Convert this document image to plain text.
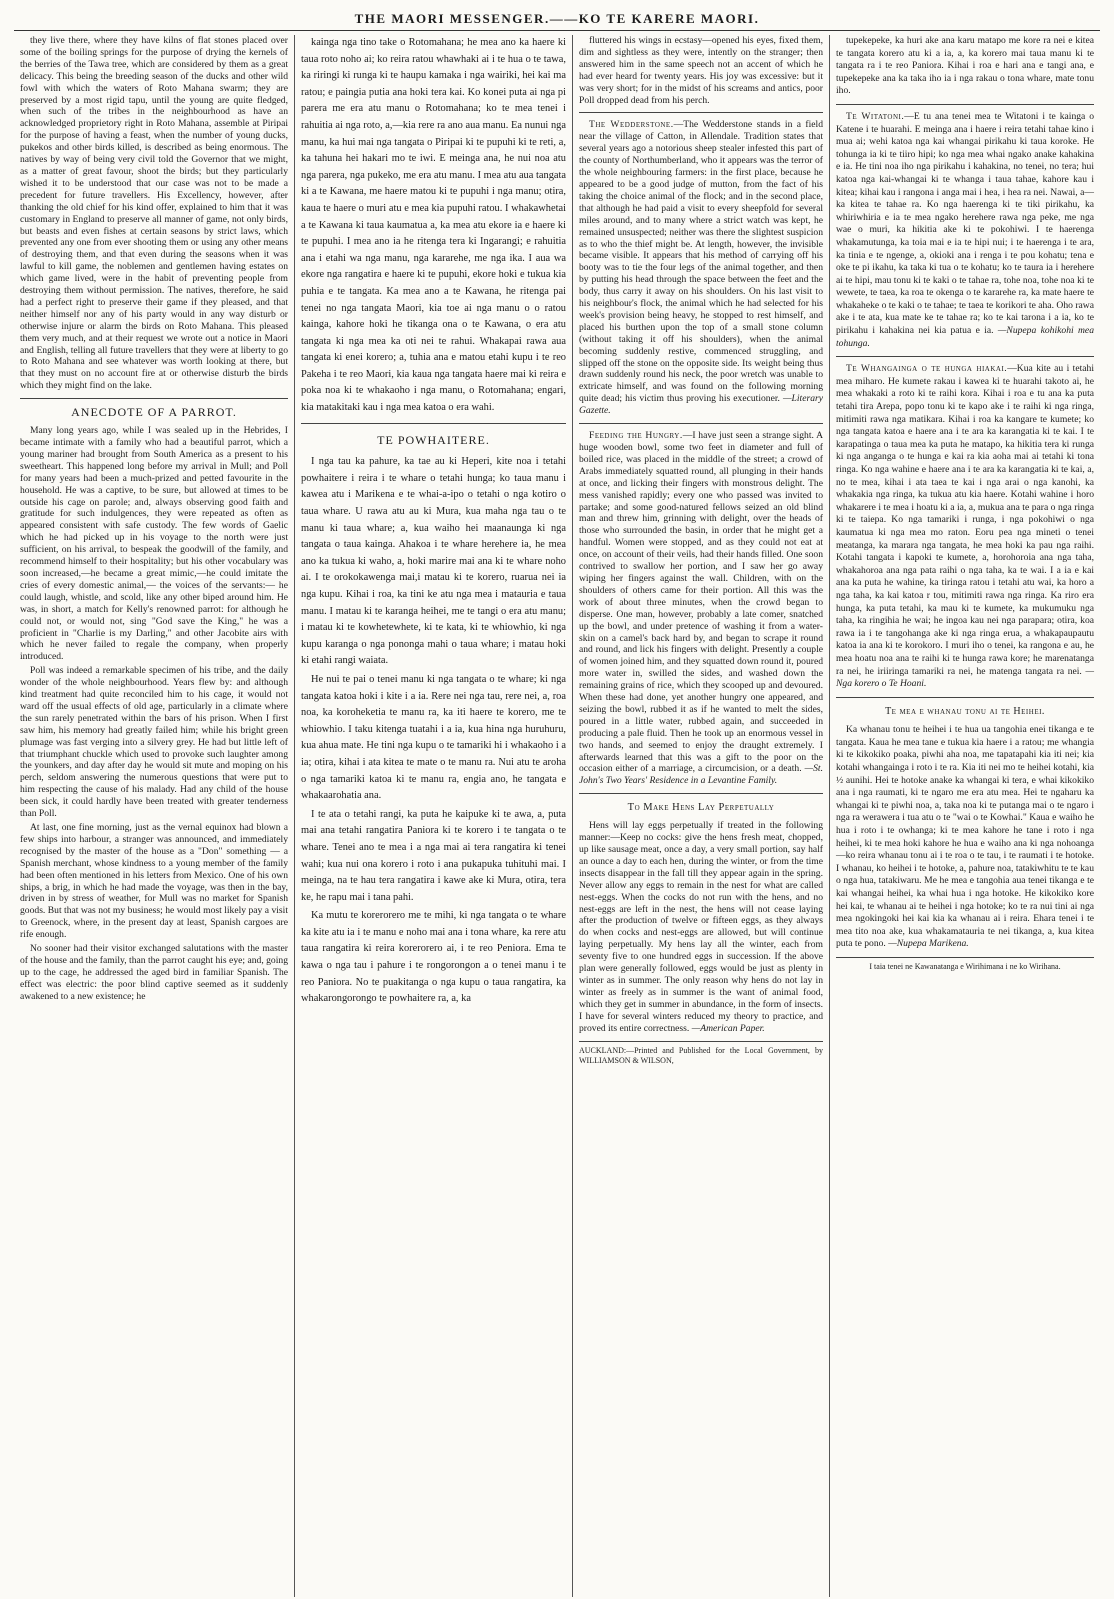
THE MAORI MESSENGER.——KO TE KARERE MAORI.

they live there, where they have kilns of flat stones placed over some of the boiling springs for the purpose of drying the kernels of the berries of the Tawa tree, which are considered by them as a great delicacy. This being the breeding season of the ducks and other wild fowl with which the waters of Roto Mahana swarm; they are preserved by a most rigid tapu, until the young are quite fledged, when such of the tribes in the neighbourhood as have an acknowledged proprietory right in Roto Mahana, assemble at Piripai for the purpose of having a feast, when the number of young ducks, pukekos and other birds killed, is described as being enormous. The natives by way of being very civil told the Governor that we might, as a matter of great favour, shoot the birds; but they particularly wished it to be understood that our case was not to be made a precedent for future travellers. His Excellency, however, after thanking the old chief for his kind offer, explained to him that it was customary in England to preserve all manner of game, not only birds, but beasts and even fishes at certain seasons by strict laws, which prevented any one from ever shooting them or using any other means of destroying them, and that even during the seasons when it was lawful to kill game, the noblemen and gentlemen having estates on which game lived, were in the habit of preventing people from destroying them without permission. The natives, therefore, he said had a perfect right to preserve their game if they pleased, and that neither himself nor any of his party would in any way disturb or otherwise injure or alarm the birds on Roto Mahana. This pleased them very much, and at their request we wrote out a notice in Maori and English, telling all future travellers that they were at liberty to go to Roto Mahana and see whatever was worth looking at there, but that they must on no account fire at or otherwise disturb the birds which they might find on the lake.

ANECDOTE OF A PARROT.

Many long years ago, while I was sealed up in the Hebrides, I became intimate with a family who had a beautiful parrot, which a young mariner had brought from South America as a present to his sweetheart. This happened long before my arrival in Mull; and Poll for many years had been a much-prized and petted favourite in the household. He was a captive, to be sure, but allowed at times to be outside his cage on parole; and, always observing good faith and gratitude for such indulgences, they were repeated as often as appeared consistent with safe custody. The few words of Gaelic which he had picked up in his voyage to the north were just sufficient, on his arrival, to bespeak the goodwill of the family, and recommend himself to their hospitality; but his other vocabulary was soon increased,—he became a great mimic,—he could imitate the cries of every domestic animal,— the voices of the servants:— he could laugh, whistle, and scold, like any other biped around him. He was, in short, a match for Kelly's renowned parrot: for although he could not, or would not, sing "God save the King," he was a proficient in "Charlie is my Darling," and other Jacobite airs with which he never failed to regale the company, when properly introduced.

Poll was indeed a remarkable specimen of his tribe, and the daily wonder of the whole neighbourhood. Years flew by: and although kind treatment had quite reconciled him to his cage, it would not ward off the usual effects of old age, particularly in a climate where the sun rarely penetrated within the bars of his prison. When I first saw him, his memory had greatly failed him; while his bright green plumage was fast verging into a silvery grey. He had but little left of that triumphant chuckle which used to provoke such laughter among the younkers, and day after day he would sit mute and moping on his perch, seldom answering the numerous questions that were put to him respecting the cause of his malady. Had any child of the house been sick, it could hardly have been treated with greater tenderness than Poll.

At last, one fine morning, just as the vernal equinox had blown a few ships into harbour, a stranger was announced, and immediately recognised by the master of the house as a "Don" something — a Spanish merchant, whose kindness to a young member of the family had been often mentioned in his letters from Mexico. One of his own ships, a brig, in which he had made the voyage, was then in the bay, driven in by stress of weather, for Mull was no market for Spanish goods. But that was not my business; he would most likely pay a visit to Greenock, where, in the present day at least, Spanish cargoes are rife enough.

No sooner had their visitor exchanged salutations with the master of the house and the family, than the parrot caught his eye; and, going up to the cage, he addressed the aged bird in familiar Spanish. The effect was electric: the poor blind captive seemed as it suddenly awakened to a new existence; he

kainga nga tino take o Rotomahana; he mea ano ka haere ki taua roto noho ai; ko reira ratou whawhaki ai i te hua o te tawa, ka riringi ki runga ki te haupu kamaka i nga wairiki, hei kai ma ratou; e paingia putia ana hoki tera kai. Ko konei puta ai nga pi parera me era atu manu o Rotomahana; ko te mea tenei i rahuitia ai nga roto, a,—kia rere ra ano aua manu. Ea nunui nga manu, ka hui mai nga tangata o Piripai ki te pupuhi ki te reti, a, ka tahuna hei hakari mo te iwi. E meinga ana, he nui noa atu nga parera, nga pukeko, me era atu manu. I mea atu aua tangata ki a te Kawana, me haere matou ki te pupuhi i nga manu; otira, kaua te haere o muri atu e mea kia pupuhi ratou. I whakawhetai a te Kawana ki taua kaumatua a, ka mea atu ekore ia e haere ki te pupuhi. I mea ano ia he ritenga tera ki Ingarangi; e rahuitia ana i etahi wa nga manu, nga kararehe, me nga ika. I aua wa ekore nga rangatira e haere ki te pupuhi, ekore hoki e tukua kia puhia e te tangata. Ka mea ano a te Kawana, he ritenga pai tenei no nga tangata Maori, kia toe ai nga manu o o ratou kainga, kahore hoki he tikanga ona o te Kawana, o era atu tangata ki nga mea ka oti nei te rahui. Whakapai rawa aua tangata ki enei korero; a, tuhia ana e matou etahi kupu i te reo Pakeha i te reo Maori, kia kaua nga tangata haere mai ki reira e poka noa ki te whakaoho i nga manu, o Rotomahana; engari, kia matakitaki kau i nga mea katoa o era wahi.

TE POWHAITERE.

I nga tau ka pahure, ka tae au ki Heperi, kite noa i tetahi powhaitere i reira i te whare o tetahi hunga; ko taua manu i kawea atu i Marikena e te whai-a-ipo o tetahi o nga kotiro o taua whare. U rawa atu au ki Mura, kua maha nga tau o te manu ki taua whare; a, kua waiho hei maanaunga ki nga tangata o taua kainga. Ahakoa i te whare herehere ia, he mea ano ka tukua ki waho, a, hoki marire mai ana ki te whare noho ai. I te orokokawenga mai,i matau ki te korero, ruarua nei ia nga kupu. Kihai i roa, ka tini ke atu nga mea i matauria e taua manu. I matau ki te karanga heihei, me te tangi o era atu manu; i matau ki te kowhetewhete, ki te kata, ki te whiowhio, ki nga kupu karanga o nga pononga mahi o taua whare; i matau hoki ki etahi rangi waiata.

He nui te pai o tenei manu ki nga tangata o te whare; ki nga tangata katoa hoki i kite i a ia. Rere nei nga tau, rere nei, a, roa noa, ka koroheketia te manu ra, ka iti haere te korero, me te whiowhio. I taku kitenga tuatahi i a ia, kua hina nga huruhuru, kua ahua mate. He tini nga kupu o te tamariki hi i whakaoho i a ia; otira, kihai i ata kitea te mate o te manu ra. Nui atu te aroha o nga tamariki katoa ki te manu ra, engia ano, he tangata e whakaarohatia ana.

I te ata o tetahi rangi, ka puta he kaipuke ki te awa, a, puta mai ana tetahi rangatira Paniora ki te korero i te tangata o te whare. Tenei ano te mea i a nga mai ai tera rangatira ki tenei wahi; kua nui ona korero i roto i ana pukapuka tuhituhi mai. I meinga, na te hau tera rangatira i kawe ake ki Mura, otira, tera ke, he rapu mai i tana pahi.

Ka mutu te korerorero me te mihi, ki nga tangata o te whare ka kite atu ia i te manu e noho mai ana i tona whare, ka rere atu taua rangatira ki reira korerorero ai, i te reo Peniora. Ema te kawa o nga tau i pahure i te rongorongon a o tenei manu i te reo Paniora. No te puakitanga o nga kupu o taua rangatira, ka whakarongorongo te powhaitere ra, a, ka

fluttered his wings in ecstasy—opened his eyes, fixed them, dim and sightless as they were, intently on the stranger; then answered him in the same speech not an accent of which he had ever heard for twenty years. His joy was excessive: but it was very short; for in the midst of his screams and antics, poor Poll dropped dead from his perch.

The Wedderstone.—The Wedderstone stands in a field near the village of Catton, in Allendale. Tradition states that several years ago a notorious sheep stealer infested this part of the county of Northumberland, who it appears was the terror of the whole neighbouring farmers: in the first place, because he appeared to be a good judge of mutton, from the fact of his taking the choice animal of the flock; and in the second place, that although he had paid a visit to every sheepfold for several miles around, and to many where a strict watch was kept, he remained unsuspected; neither was there the slightest suspicion as to who the thief might be. At length, however, the invisible became visible. It appears that his method of carrying off his booty was to tie the four legs of the animal together, and then by putting his head through the space between the feet and the body, thus carry it away on his shoulders. On his last visit to his neighbour's flock, the animal which he had selected for his week's provision being heavy, he stopped to rest himself, and placed his burthen upon the top of a small stone column (without taking it off his shoulders), when the animal becoming suddenly restive, commenced struggling, and slipped off the stone on the opposite side. Its weight being thus drawn suddenly round his neck, the poor wretch was unable to extricate himself, and was found on the following morning quite dead; his victim thus proving his executioner. —Literary Gazette.

Feeding the Hungry.—I have just seen a strange sight. A huge wooden bowl, some two feet in diameter and full of boiled rice, was placed in the middle of the street; a crowd of Arabs immediately squatted round, all plunging in their hands at once, and licking their fingers with monstrous delight. The mess vanished rapidly; every one who passed was invited to partake; and some good-natured fellows seized an old blind man and threw him, grinning with delight, over the heads of those who surrounded the basin, in order that he might get a handful. Women were stopped, and as they could not eat at once, on account of their veils, had their hands filled. One soon contrived to swallow her portion, and I saw her go away wiping her fingers against the wall. Children, with on the shoulders of others came for their portion. All this was the work of about three minutes, when the crowd began to disperse. One man, however, probably a late comer, snatched up the bowl, and under pretence of washing it from a water-skin on a camel's back hard by, and began to scrape it round and round, and lick his fingers with delight. Presently a couple of women joined him, and they squatted down round it, poured more water in, swilled the sides, and washed down the remaining grains of rice, which they scooped up and devoured. When these had done, yet another hungry one appeared, and seizing the bowl, rubbed it as if he wanted to melt the sides, poured in a little water, rubbed again, and succeeded in producing a pale fluid. Then he took up an enormous vessel in two hands, and seemed to enjoy the draught extremely. I afterwards learned that this was a gift to the poor on the occasion either of a marriage, a circumcision, or a death. —St. John's Two Years' Residence in a Levantine Family.

To Make Hens Lay Perpetually

Hens will lay eggs perpetually if treated in the following manner:—Keep no cocks: give the hens fresh meat, chopped, up like sausage meat, once a day, a very small portion, say half an ounce a day to each hen, during the winter, or from the time insects disappear in the fall till they appear again in the spring. Never allow any eggs to remain in the nest for what are called nest-eggs. When the cocks do not run with the hens, and no nest-eggs are left in the nest, the hens will not cease laying after the production of twelve or fifteen eggs, as they always do when cocks and nest-eggs are allowed, but will continue laying perpetually. My hens lay all the winter, each from seventy five to one hundred eggs in succession. If the above plan were generally followed, eggs would be just as plenty in winter as in summer. The only reason why hens do not lay in winter as freely as in summer is the want of animal food, which they get in summer in abundance, in the form of insects. I have for several winters reduced my theory to practice, and proved its entire correctness. —American Paper.

AUCKLAND:—Printed and Published for the Local Government, by WILLIAMSON & WILSON,

tupekepeke, ka huri ake ana karu matapo me kore ra nei e kitea te tangata korero atu ki a ia, a, ka korero mai taua manu ki te tangata ra i te reo Paniora. Kihai i roa e hari ana e tangi ana, e tupekepeke ana ka taka iho ia i nga rakau o tona whare, mate tonu iho.

Te Witatoni.—E tu ana tenei mea te Witatoni i te kainga o Katene i te huarahi. E meinga ana i haere i reira tetahi tahae kino i mua ai; wehi katoa nga kai whangai pirikahu ki taua koroke. He tohunga ia ki te tiiro hipi; ko nga mea whai ngako anake kahakina e ia. He tini noa iho nga pirikahu i kahakina, no tenei, no tera; hui katoa nga kai-whangai ki te whanga i taua tahae, kahore kau i kitea; kihai kau i rangona i anga mai i hea, i hea ra nei. Nawai, a—ka kitea te tahae ra. Ko nga haerenga ki te tiki pirikahu, ka whiriwhiria e ia te mea ngako herehere rawa nga peke, me nga wae o muri, ka hikitia ake ki te pokohiwi. I te haerenga whakamutunga, ka toia mai e ia te hipi nui; i te haerenga i te ara, ka tinia e te ngenge, a, okioki ana i renga i te pou kohatu; tena e oke te pi ikahu, ka taka ki tua o te kohatu; ko te taura ia i herehere ai te hipi, mau tonu ki te kaki o te tahae ra, tohe noa, tohe noa ki te wewete, te taea, ka roa te okenga o te kararehe ra, ka mate haere te whakaheke o te kaki o te tahae; te taea te korikori te aha. Oho rawa ake i te ata, kua mate ke te tahae ra; ko te kai tarona i a ia, ko te pirikahu i kahakina nei kia patua e ia. —Nupepa kohikohi mea tohunga.

Te Whangainga o te hunga hiakai.—Kua kite au i tetahi mea miharo. He kumete rakau i kawea ki te huarahi takoto ai, he mea whakaki a roto ki te raihi kora. Kihai i roa e tu ana ka puta tetahi tira Arepa, popo tonu ki te kapo ake i te raihi ki nga ringa, mitimiti rawa nga matikara. Kihai i roa ka kangare te kumete; ko nga tangata katoa e haere ana i te ara ka karangatia ki te kai. I te karapatinga o taua mea ka puta he matapo, ka hikitia tera ki runga ki nga anganga o te hunga e kai ra kia aoha mai ai tetahi ki tona ringa. Ko nga wahine e haere ana i te ara ka karangatia ki te kai, a, no te mea, kihai i ata taea te kai i nga arai o nga kanohi, ka whakakia nga ringa, ka tukua atu kia haere. Kotahi wahine i horo whakarere i te mea i hoatu ki a ia, a, mukua ana te para o nga ringa ki te taiepa. Ko nga tamariki i runga, i nga pokohiwi o nga kaumatua ki nga mea mo raton. Eoru pea nga mineti o tenei meatanga, ka marara nga tangata, he mea hoki ka pau nga raihi. Kotahi tangata i kapoki te kumete, a, horohoroia ana nga taha, whakahoroa ana nga pata raihi o nga taha, ka te wai. I a ia e kai ana ka puta he wahine, ka tiringa ratou i tetahi atu wai, ka horo a nga taha, ka kai katoa r tou, mitimiti rawa nga ringa. Ka riro era hunga, ka puta tetahi, ka mau ki te kumete, ka mukumuku nga taha, ka ringihia he wai; he ingoa kau nei nga parapara; otira, koa rawa ia i te tangohanga ake ki nga ringa erua, a whakapaupautu katoa ia ana ki te korokoro. I muri iho o tenei, ka rangona e au, he mea hoatu noa ana te raihi ki te hunga rawa kore; he marenatanga ra nei, he iriiringa tamariki ra nei, he matenga tangata ra nei. —Nga korero o Te Hoani.

Te mea e whanau tonu ai te Heihei.

Ka whanau tonu te heihei i te hua ua tangohia enei tikanga e te tangata. Kaua he mea tane e tukua kia haere i a ratou; me whangia ki te kikokiko poaka, piwhi aha noa, me tapatapahi kia iti nei; kia kotahi whangainga i roto i te ra. Kia iti nei mo te heihei kotahi, kia ½ aunihi. Hei te hotoke anake ka whangai ki tera, e whai kikokiko ana i nga raumati, ki te ngaro me era atu mea. Hei te ngaharu ka whangai ki te piwhi noa, a, taka noa ki te putanga mai o te ngaro i nga ra werawera i tua atu o te "wai o te Kowhai." Kaua e waiho he hua i roto i te owhanga; ki te mea kahore he tane i roto i nga heihei, ki te mea hoki kahore he hua e waiho ana ki nga nohoanga—ko reira whanau tonu ai i te roa o te tau, i te raumati i te hotoke. I whanau, ko heihei i te hotoke, a, pahure noa, tatakiwhitu te te kau o nga hua, tatakiwaru. Me he mea e tangohia aua tenei tikanga e te kai whangai heihei, ka whai hua i nga hotoke. He kikokiko kore hei kai, te whanau ai te heihei i nga hotoke; ko te ra nui tini ai nga mea ngokingoki hei kai kia ka whanau ai i reira. Ehara tenei i te mea tito noa ake, kua whakamatauria te nei tikanga, a, kua kitea puta te pono. —Nupepa Marikena.

I taia tenei ne Kawanatanga e Wirihimana i ne ko Wirihana.
